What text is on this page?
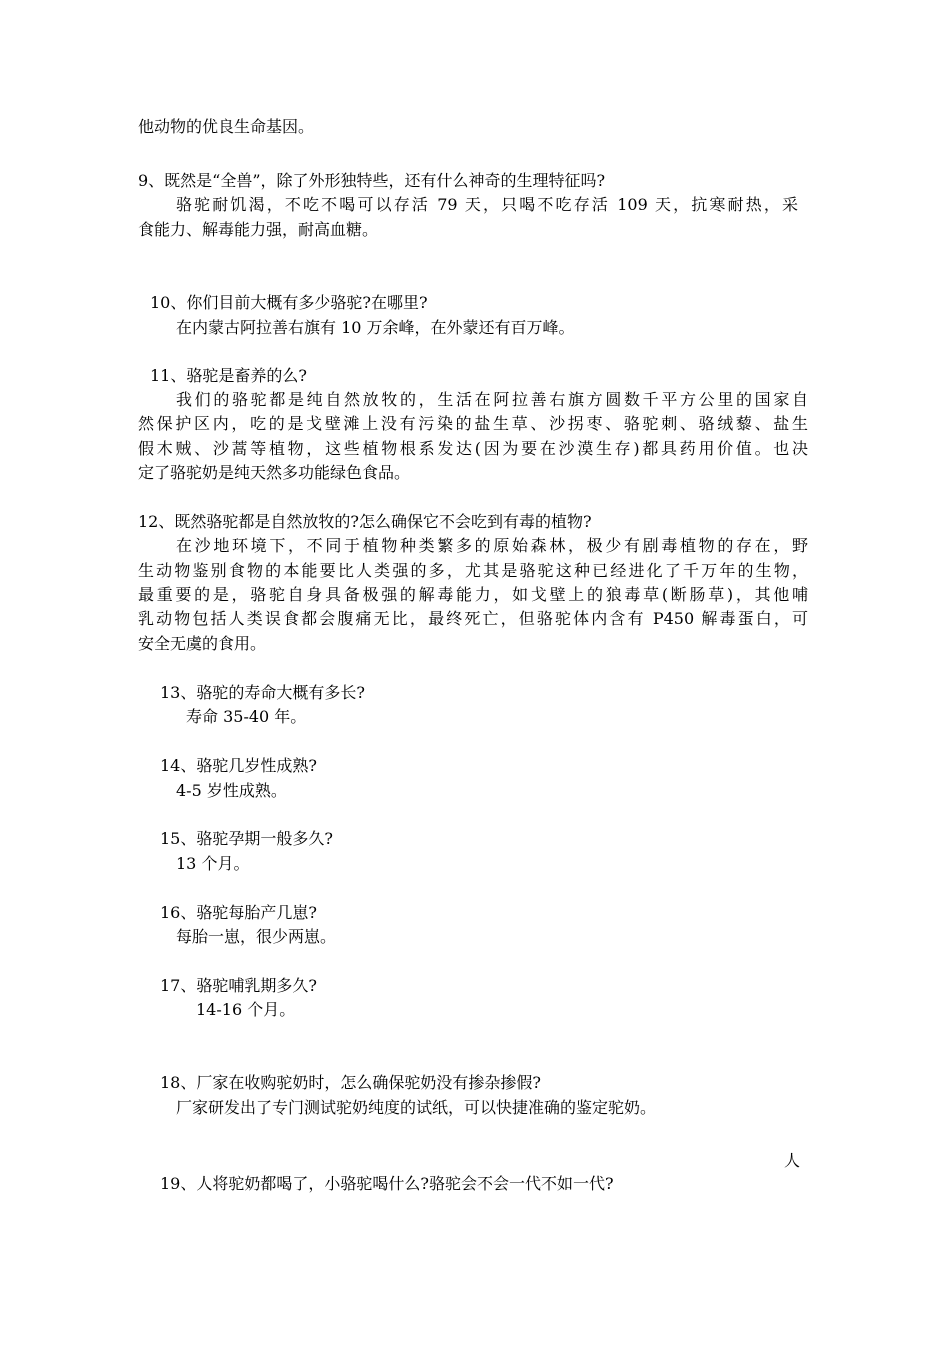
他动物的优良生命基因。
9、既然是“全兽”，除了外形独特些，还有什么神奇的生理特征吗?
骆驼耐饥渴，不吃不喝可以存活 79 天，只喝不吃存活 109 天，抗寒耐热，采
食能力、解毒能力强，耐高血糖。
10、你们目前大概有多少骆驼?在哪里?
在内蒙古阿拉善右旗有 10 万余峰，在外蒙还有百万峰。
11、骆驼是畜养的么?
我们的骆驼都是纯自然放牧的，生活在阿拉善右旗方圆数千平方公里的国家自
然保护区内，吃的是戈壁滩上没有污染的盐生草、沙拐枣、骆驼刺、骆绒藜、盐生
假木贼、沙蒿等植物，这些植物根系发达(因为要在沙漠生存)都具药用价值。也决
定了骆驼奶是纯天然多功能绿色食品。
12、既然骆驼都是自然放牧的?怎么确保它不会吃到有毒的植物?
在沙地环境下，不同于植物种类繁多的原始森林，极少有剧毒植物的存在，野
生动物鉴别食物的本能要比人类强的多，尤其是骆驼这种已经进化了千万年的生物，
最重要的是，骆驼自身具备极强的解毒能力，如戈壁上的狼毒草(断肠草)，其他哺
乳动物包括人类误食都会腹痛无比，最终死亡，但骆驼体内含有 P450 解毒蛋白，可
安全无虞的食用。
13、骆驼的寿命大概有多长?
寿命 35-40 年。
14、骆驼几岁性成熟?
4-5 岁性成熟。
15、骆驼孕期一般多久?
13 个月。
16、骆驼每胎产几崽?
每胎一崽，很少两崽。
17、骆驼哺乳期多久?
14-16 个月。
18、厂家在收购驼奶时，怎么确保驼奶没有掺杂掺假?
厂家研发出了专门测试驼奶纯度的试纸，可以快捷准确的鉴定驼奶。
人
19、人将驼奶都喝了，小骆驼喝什么?骆驼会不会一代不如一代?
